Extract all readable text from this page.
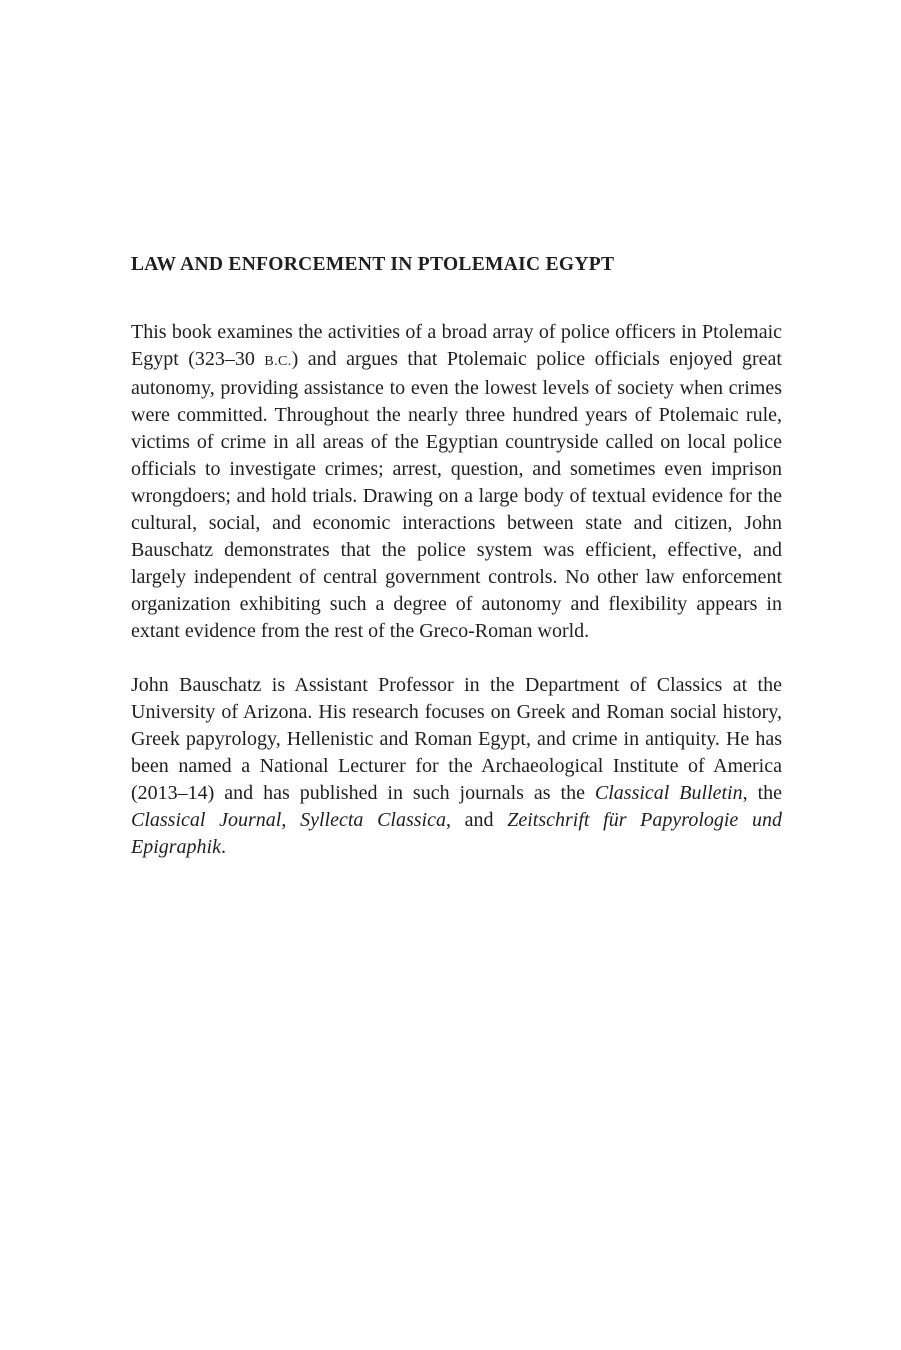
LAW AND ENFORCEMENT IN PTOLEMAIC EGYPT

This book examines the activities of a broad array of police officers in Ptolemaic Egypt (323–30 B.C.) and argues that Ptolemaic police officials enjoyed great autonomy, providing assistance to even the lowest levels of society when crimes were committed. Throughout the nearly three hundred years of Ptolemaic rule, victims of crime in all areas of the Egyptian countryside called on local police officials to investigate crimes; arrest, question, and sometimes even imprison wrongdoers; and hold trials. Drawing on a large body of textual evidence for the cultural, social, and economic interactions between state and citizen, John Bauschatz demonstrates that the police system was efficient, effective, and largely independent of central government controls. No other law enforcement organization exhibiting such a degree of autonomy and flexibility appears in extant evidence from the rest of the Greco-Roman world.

John Bauschatz is Assistant Professor in the Department of Classics at the University of Arizona. His research focuses on Greek and Roman social history, Greek papyrology, Hellenistic and Roman Egypt, and crime in antiquity. He has been named a National Lecturer for the Archaeological Institute of America (2013–14) and has published in such journals as the Classical Bulletin, the Classical Journal, Syllecta Classica, and Zeitschrift für Papyrologie und Epigraphik.
